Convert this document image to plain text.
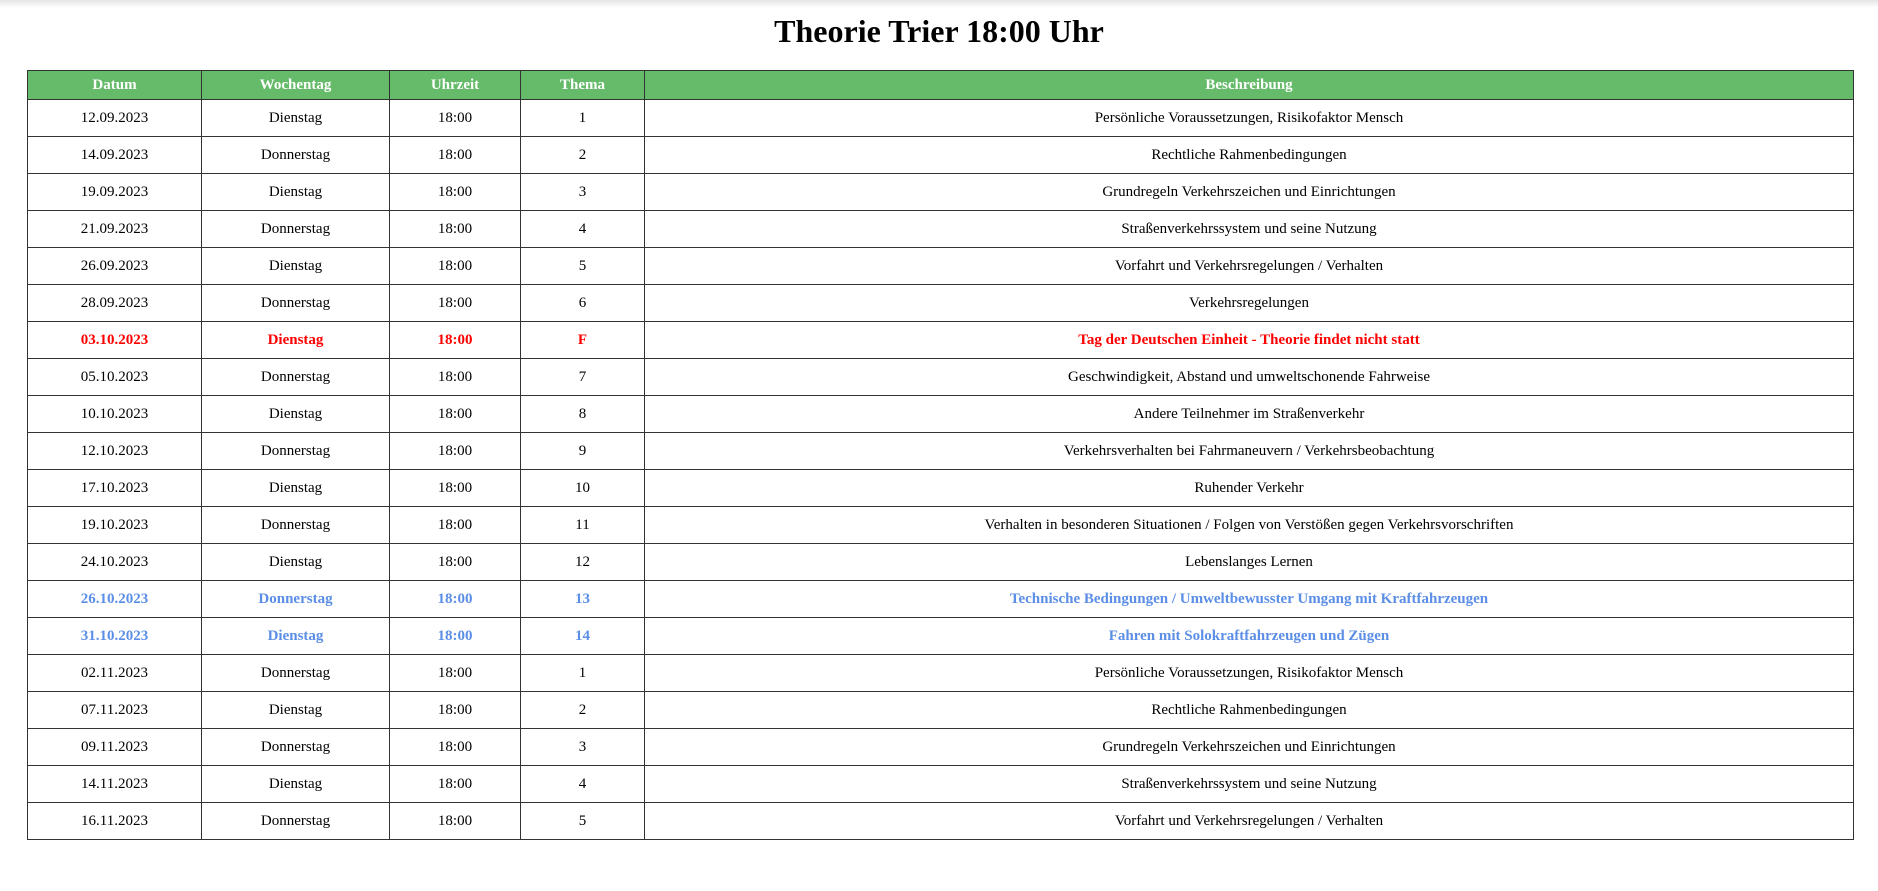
Theorie Trier 18:00 Uhr
Datum	Wochentag	Uhrzeit	Thema	Beschreibung
12.09.2023	Dienstag	18:00	1	Persönliche Voraussetzungen, Risikofaktor Mensch
14.09.2023	Donnerstag	18:00	2	Rechtliche Rahmenbedingungen
19.09.2023	Dienstag	18:00	3	Grundregeln Verkehrszeichen und Einrichtungen
21.09.2023	Donnerstag	18:00	4	Straßenverkehrssystem und seine Nutzung
26.09.2023	Dienstag	18:00	5	Vorfahrt und Verkehrsregelungen / Verhalten
28.09.2023	Donnerstag	18:00	6	Verkehrsregelungen
03.10.2023	Dienstag	18:00	F	Tag der Deutschen Einheit - Theorie findet nicht statt
05.10.2023	Donnerstag	18:00	7	Geschwindigkeit, Abstand und umweltschonende Fahrweise
10.10.2023	Dienstag	18:00	8	Andere Teilnehmer im Straßenverkehr
12.10.2023	Donnerstag	18:00	9	Verkehrsverhalten bei Fahrmaneuvern / Verkehrsbeobachtung
17.10.2023	Dienstag	18:00	10	Ruhender Verkehr
19.10.2023	Donnerstag	18:00	11	Verhalten in besonderen Situationen / Folgen von Verstößen gegen Verkehrsvorschriften
24.10.2023	Dienstag	18:00	12	Lebenslanges Lernen
26.10.2023	Donnerstag	18:00	13	Technische Bedingungen / Umweltbewusster Umgang mit Kraftfahrzeugen
31.10.2023	Dienstag	18:00	14	Fahren mit Solokraftfahrzeugen und Zügen
02.11.2023	Donnerstag	18:00	1	Persönliche Voraussetzungen, Risikofaktor Mensch
07.11.2023	Dienstag	18:00	2	Rechtliche Rahmenbedingungen
09.11.2023	Donnerstag	18:00	3	Grundregeln Verkehrszeichen und Einrichtungen
14.11.2023	Dienstag	18:00	4	Straßenverkehrssystem und seine Nutzung
16.11.2023	Donnerstag	18:00	5	Vorfahrt und Verkehrsregelungen / Verhalten
